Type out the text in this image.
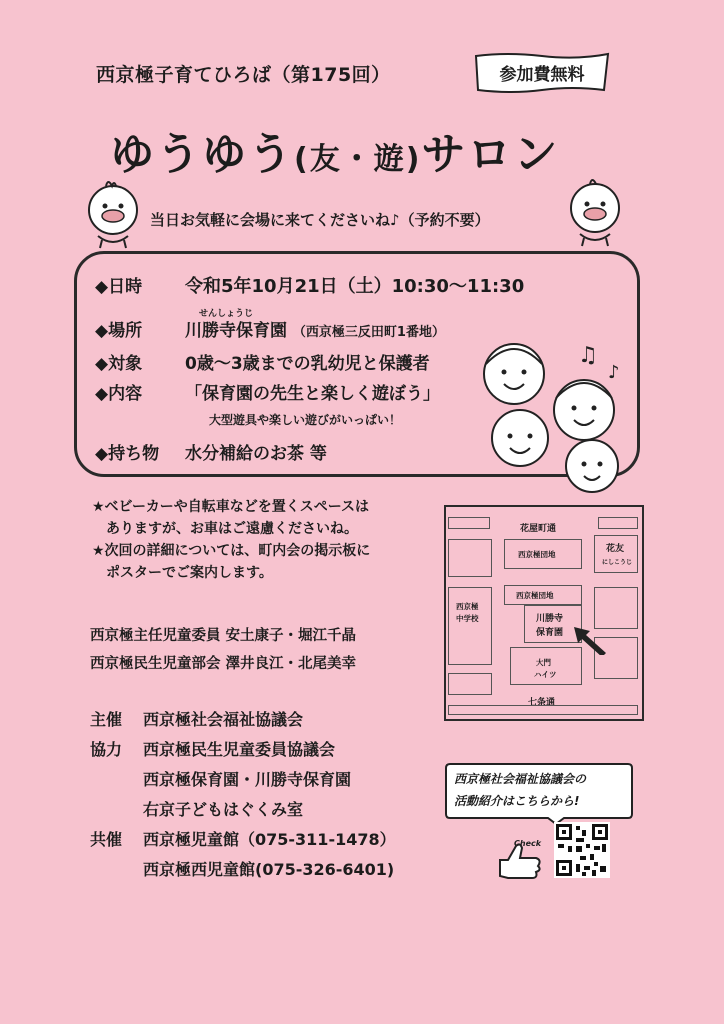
西京極子育てひろば（第175回）	参加費無料
ゆうゆう(友・遊)サロン
当日お気軽に会場に来てくださいね♪（予約不要）
◆日時 令和5年10月21日（土）10:30～11:30
せんしょうじ
◆場所	川勝寺保育園 （西京極三反田町1番地）
◆対象	0歳～3歳までの乳幼児と保護者
◆内容	「保育園の先生と楽しく遊ぼう」
大型遊具や楽しい遊びがいっぱい！
◆持ち物 水分補給のお茶 等
♫
♪
★ベビーカーや自転車などを置くスペースは
ありますが、お車はご遠慮くださいね。
★次回の詳細については、町内会の掲示板に
ポスターでご案内します。
西京極主任児童委員 安土康子・堀江千晶
西京極民生児童部会 澤井良江・北尾美幸
主催 西京極社会福祉協議会
協力 西京極民生児童委員協議会
西京極保育園・川勝寺保育園
右京子どもはぐくみ室
共催 西京極児童館（075-311-1478）
西京極西児童館(075-326-6401)
花屋町通
西京極団地
花友
にしこうじ
西京極
中学校
西京極団地
川勝寺
保育園
大門
ハイツ
七条通
西京極社会福祉協議会の
活動紹介はこちらから!
Check
